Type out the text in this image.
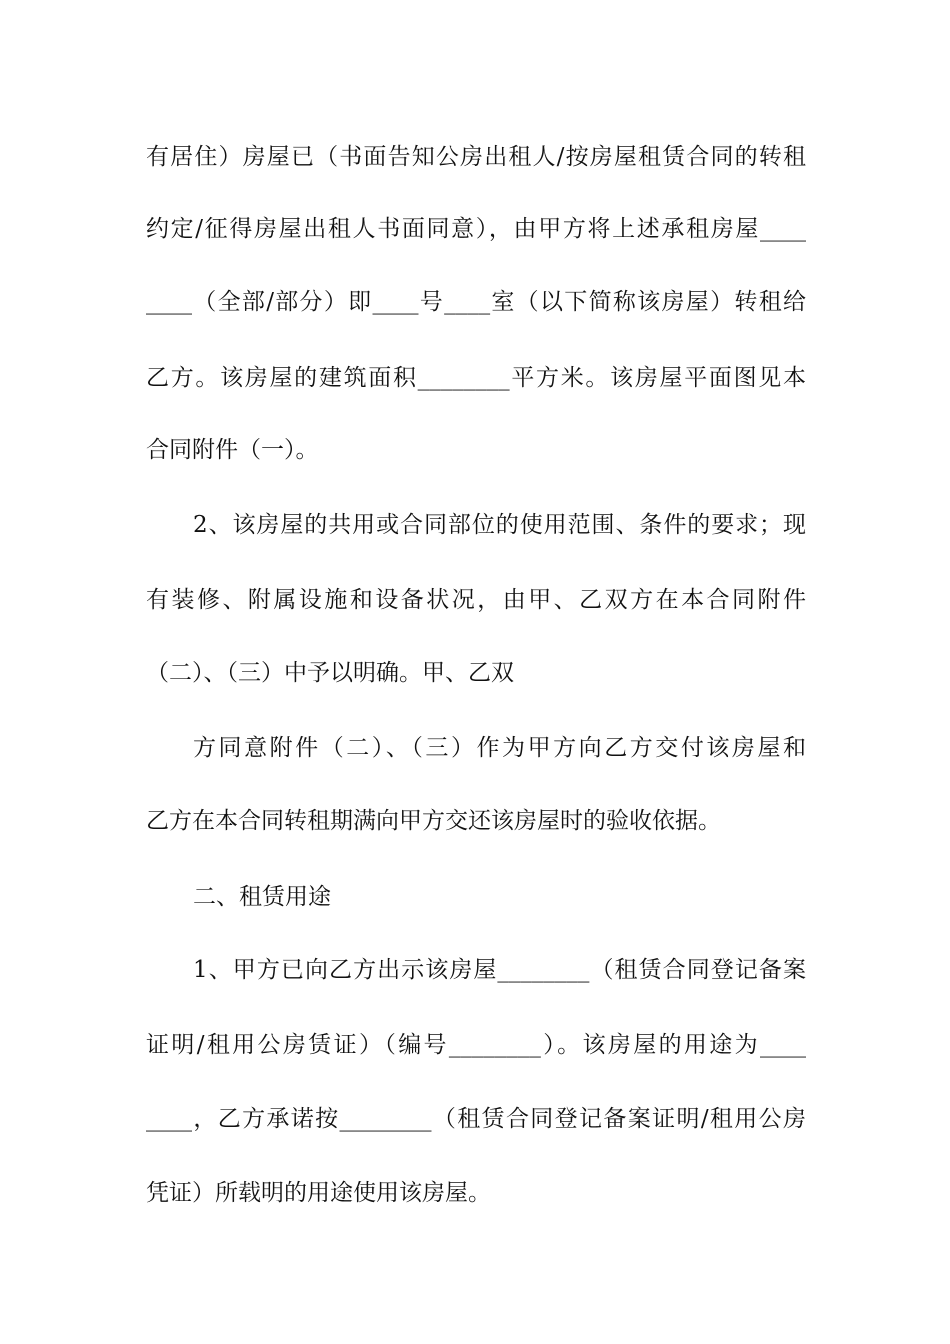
有居住）房屋已（书面告知公房出租人/按房屋租赁合同的转租

约定/征得房屋出租人书面同意），由甲方将上述承租房屋____

____（全部/部分）即____号____室（以下简称该房屋）转租给

乙方。该房屋的建筑面积________平方米。该房屋平面图见本

合同附件（一）。

2、该房屋的共用或合同部位的使用范围、条件的要求；现

有装修、附属设施和设备状况，由甲、乙双方在本合同附件

（二）、（三）中予以明确。甲、乙双

方同意附件（二）、（三）作为甲方向乙方交付该房屋和

乙方在本合同转租期满向甲方交还该房屋时的验收依据。

二、租赁用途

1、甲方已向乙方出示该房屋________（租赁合同登记备案

证明/租用公房赁证）（编号________）。该房屋的用途为____

____，乙方承诺按________（租赁合同登记备案证明/租用公房

凭证）所载明的用途使用该房屋。
